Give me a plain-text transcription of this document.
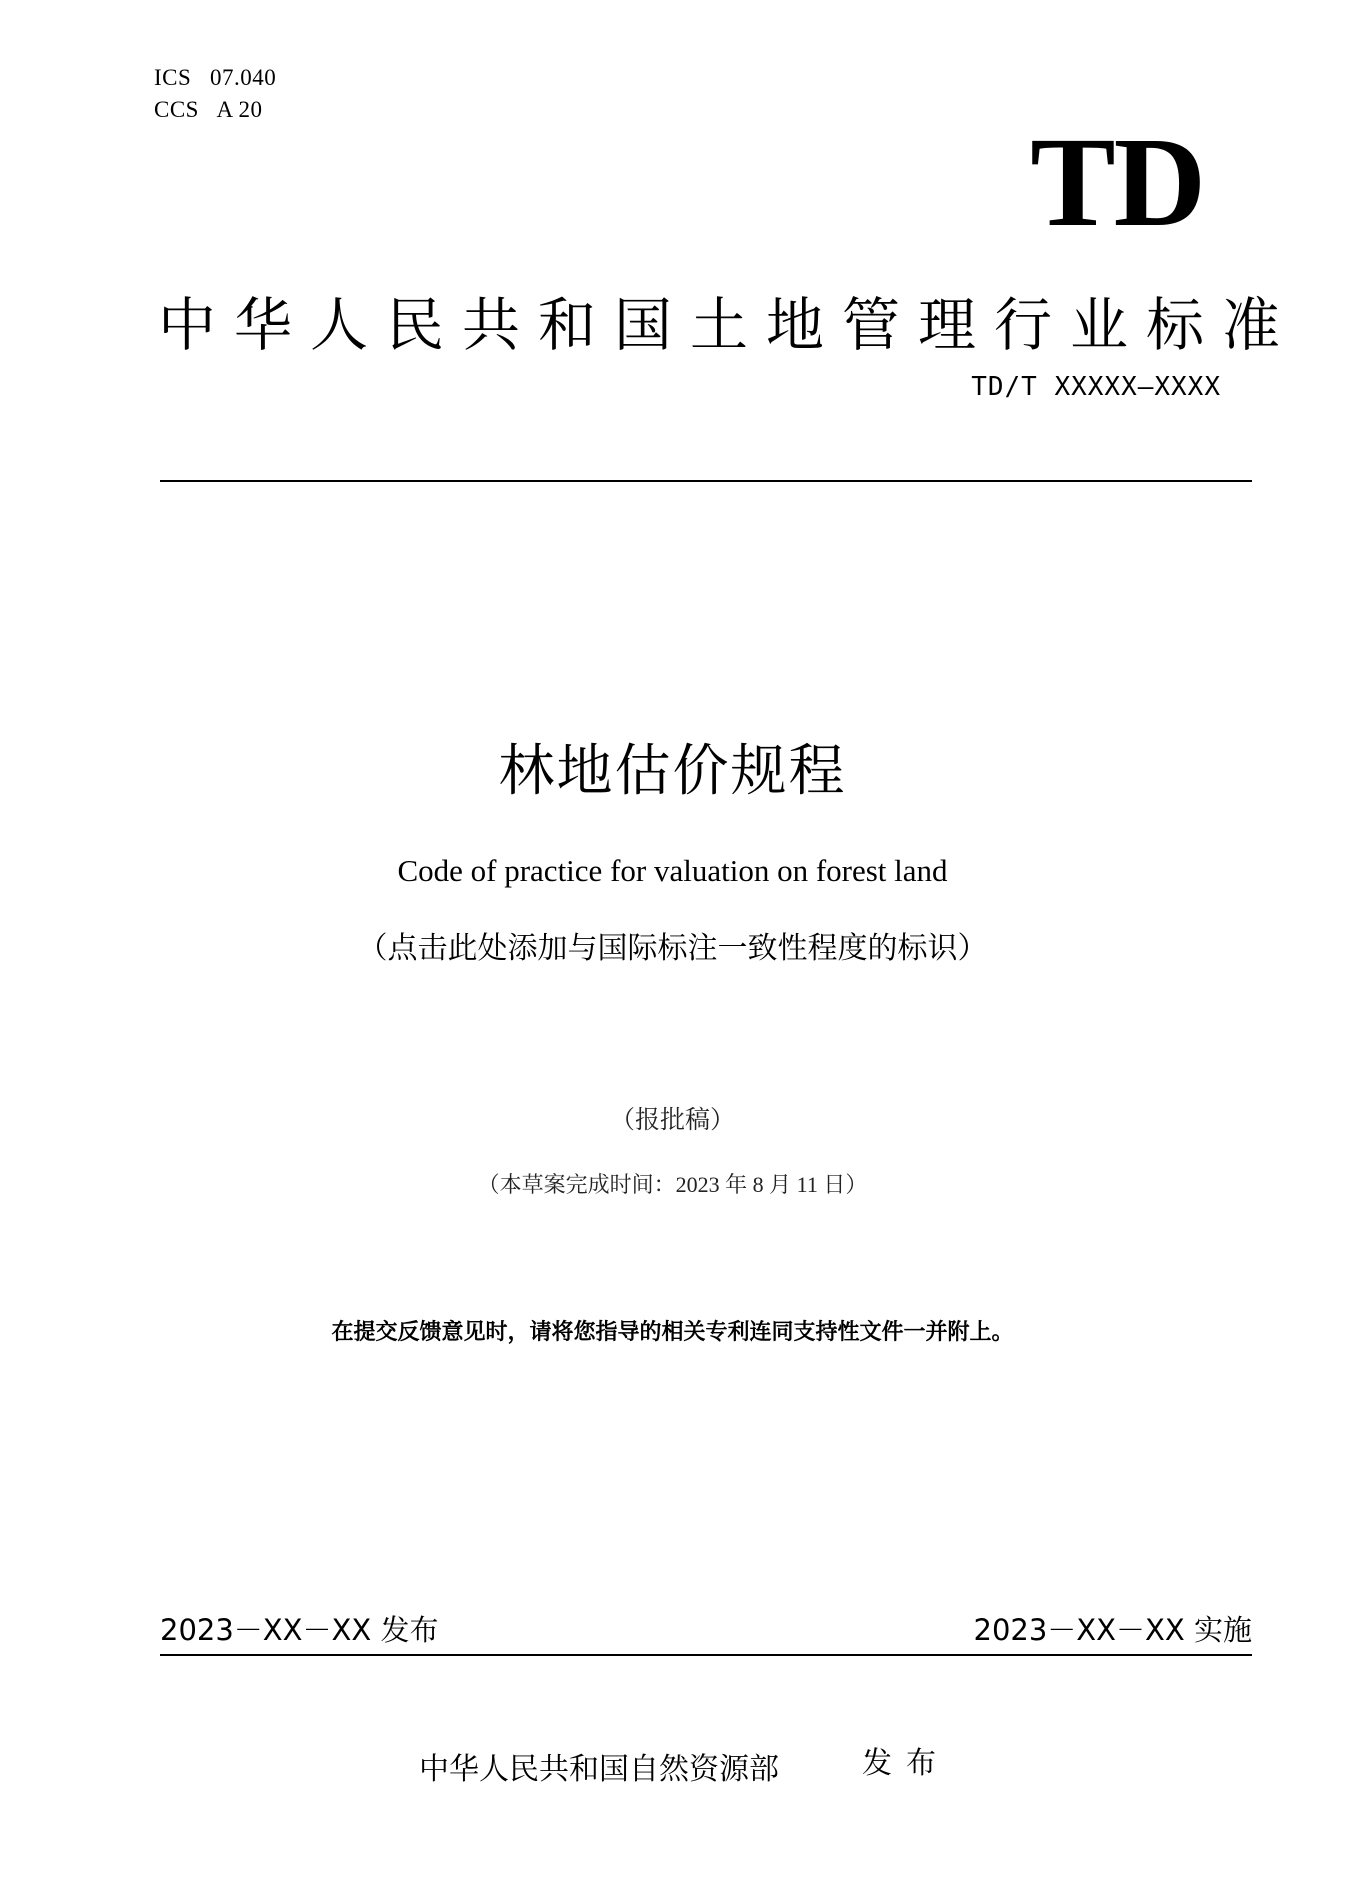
ICS   07.040
CCS   A 20
TD
中华人民共和国土地管理行业标准
TD/T XXXXX—XXXX
林地估价规程
Code of practice for valuation on forest land
（点击此处添加与国际标注一致性程度的标识）
（报批稿）
（本草案完成时间：2023 年 8 月 11 日）
在提交反馈意见时，请将您指导的相关专利连同支持性文件一并附上。
2023－XX－XX 发布	2023－XX－XX 实施
中华人民共和国自然资源部	发布
